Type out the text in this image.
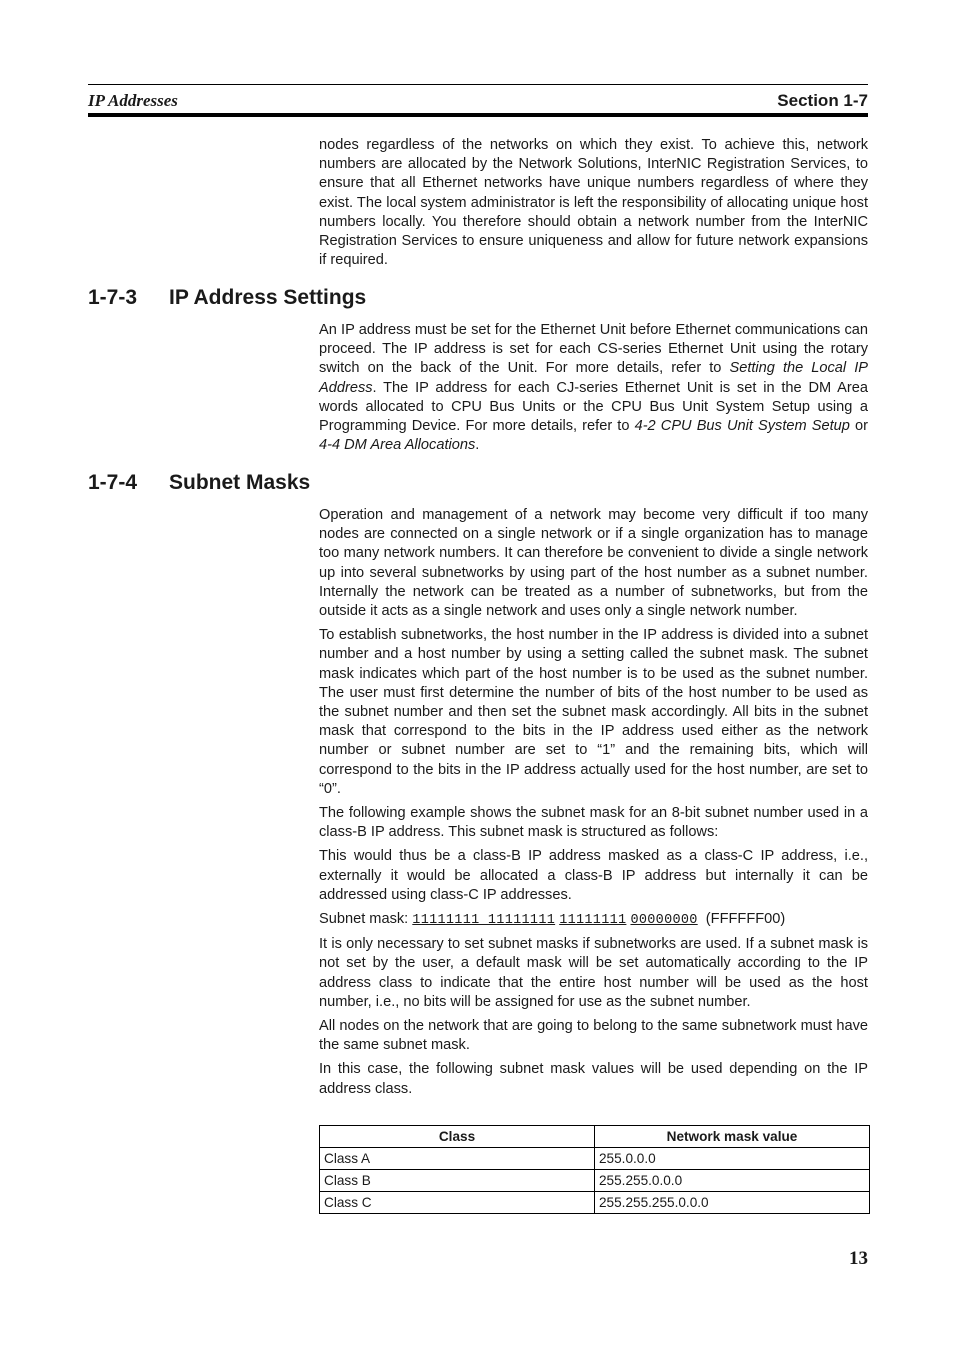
IP Addresses	Section 1-7

nodes regardless of the networks on which they exist. To achieve this, network numbers are allocated by the Network Solutions, InterNIC Registration Services, to ensure that all Ethernet networks have unique numbers regardless of where they exist. The local system administrator is left the responsibility of allocating unique host numbers locally. You therefore should obtain a network number from the InterNIC Registration Services to ensure uniqueness and allow for future network expansions if required.

1-7-3 IP Address Settings

An IP address must be set for the Ethernet Unit before Ethernet communications can proceed. The IP address is set for each CS-series Ethernet Unit using the rotary switch on the back of the Unit. For more details, refer to Setting the Local IP Address. The IP address for each CJ-series Ethernet Unit is set in the DM Area words allocated to CPU Bus Units or the CPU Bus Unit System Setup using a Programming Device. For more details, refer to 4-2 CPU Bus Unit System Setup or 4-4 DM Area Allocations.

1-7-4 Subnet Masks

Operation and management of a network may become very difficult if too many nodes are connected on a single network or if a single organization has to manage too many network numbers. It can therefore be convenient to divide a single network up into several subnetworks by using part of the host number as a subnet number. Internally the network can be treated as a number of subnetworks, but from the outside it acts as a single network and uses only a single network number.

To establish subnetworks, the host number in the IP address is divided into a subnet number and a host number by using a setting called the subnet mask. The subnet mask indicates which part of the host number is to be used as the subnet number. The user must first determine the number of bits of the host number to be used as the subnet number and then set the subnet mask accordingly. All bits in the subnet mask that correspond to the bits in the IP address used either as the network number or subnet number are set to “1” and the remaining bits, which will correspond to the bits in the IP address actually used for the host number, are set to “0”.

The following example shows the subnet mask for an 8-bit subnet number used in a class-B IP address. This subnet mask is structured as follows:

This would thus be a class-B IP address masked as a class-C IP address, i.e., externally it would be allocated a class-B IP address but internally it can be addressed using class-C IP addresses.

Subnet mask: 11111111 11111111 11111111 00000000 (FFFFFF00)

It is only necessary to set subnet masks if subnetworks are used. If a subnet mask is not set by the user, a default mask will be set automatically according to the IP address class to indicate that the entire host number will be used as the host number, i.e., no bits will be assigned for use as the subnet number.

All nodes on the network that are going to belong to the same subnetwork must have the same subnet mask.

In this case, the following subnet mask values will be used depending on the IP address class.

Class	Network mask value
Class A	255.0.0.0
Class B	255.255.0.0.0
Class C	255.255.255.0.0.0
13
